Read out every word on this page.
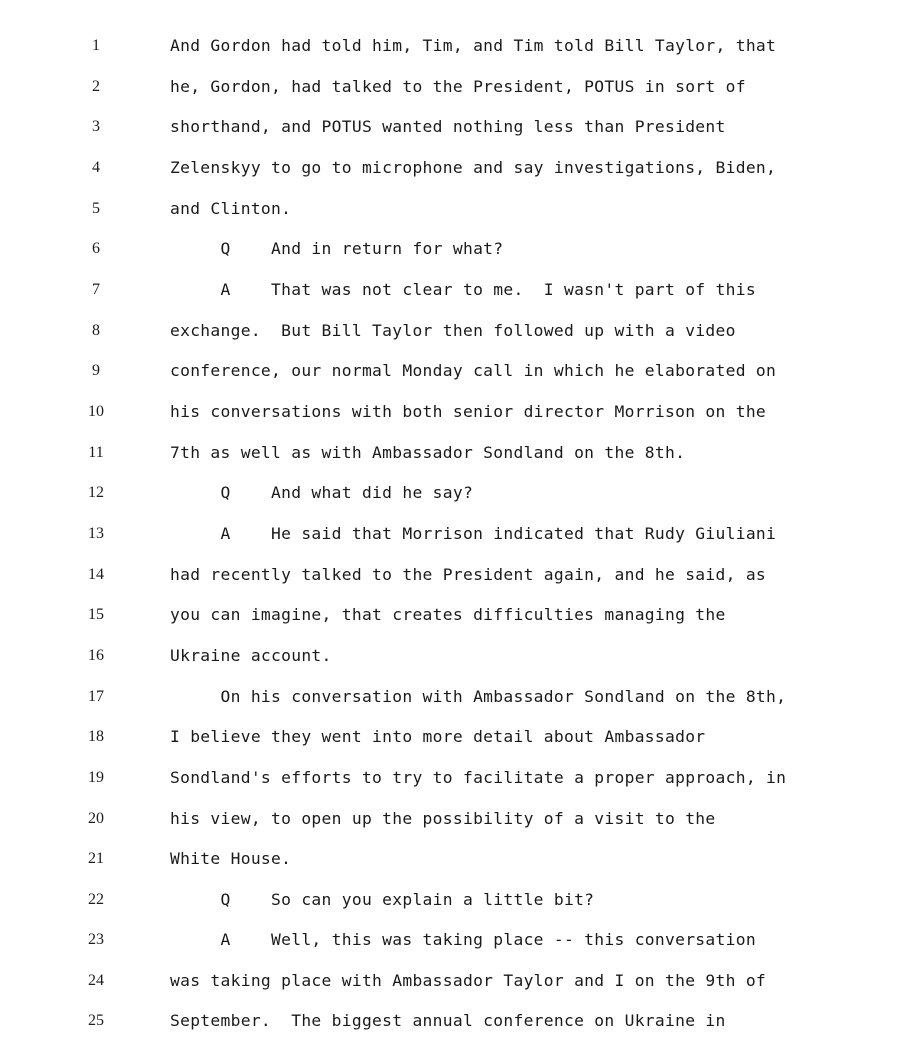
1	And Gordon had told him, Tim, and Tim told Bill Taylor, that
2	he, Gordon, had talked to the President, POTUS in sort of
3	shorthand, and POTUS wanted nothing less than President
4	Zelenskyy to go to microphone and say investigations, Biden,
5	and Clinton.
6	Q    And in return for what?
7	A    That was not clear to me.  I wasn't part of this
8	exchange.  But Bill Taylor then followed up with a video
9	conference, our normal Monday call in which he elaborated on
10	his conversations with both senior director Morrison on the
11	7th as well as with Ambassador Sondland on the 8th.
12	Q    And what did he say?
13	A    He said that Morrison indicated that Rudy Giuliani
14	had recently talked to the President again, and he said, as
15	you can imagine, that creates difficulties managing the
16	Ukraine account.
17	On his conversation with Ambassador Sondland on the 8th,
18	I believe they went into more detail about Ambassador
19	Sondland's efforts to try to facilitate a proper approach, in
20	his view, to open up the possibility of a visit to the
21	White House.
22	Q    So can you explain a little bit?
23	A    Well, this was taking place -- this conversation
24	was taking place with Ambassador Taylor and I on the 9th of
25	September.  The biggest annual conference on Ukraine in
